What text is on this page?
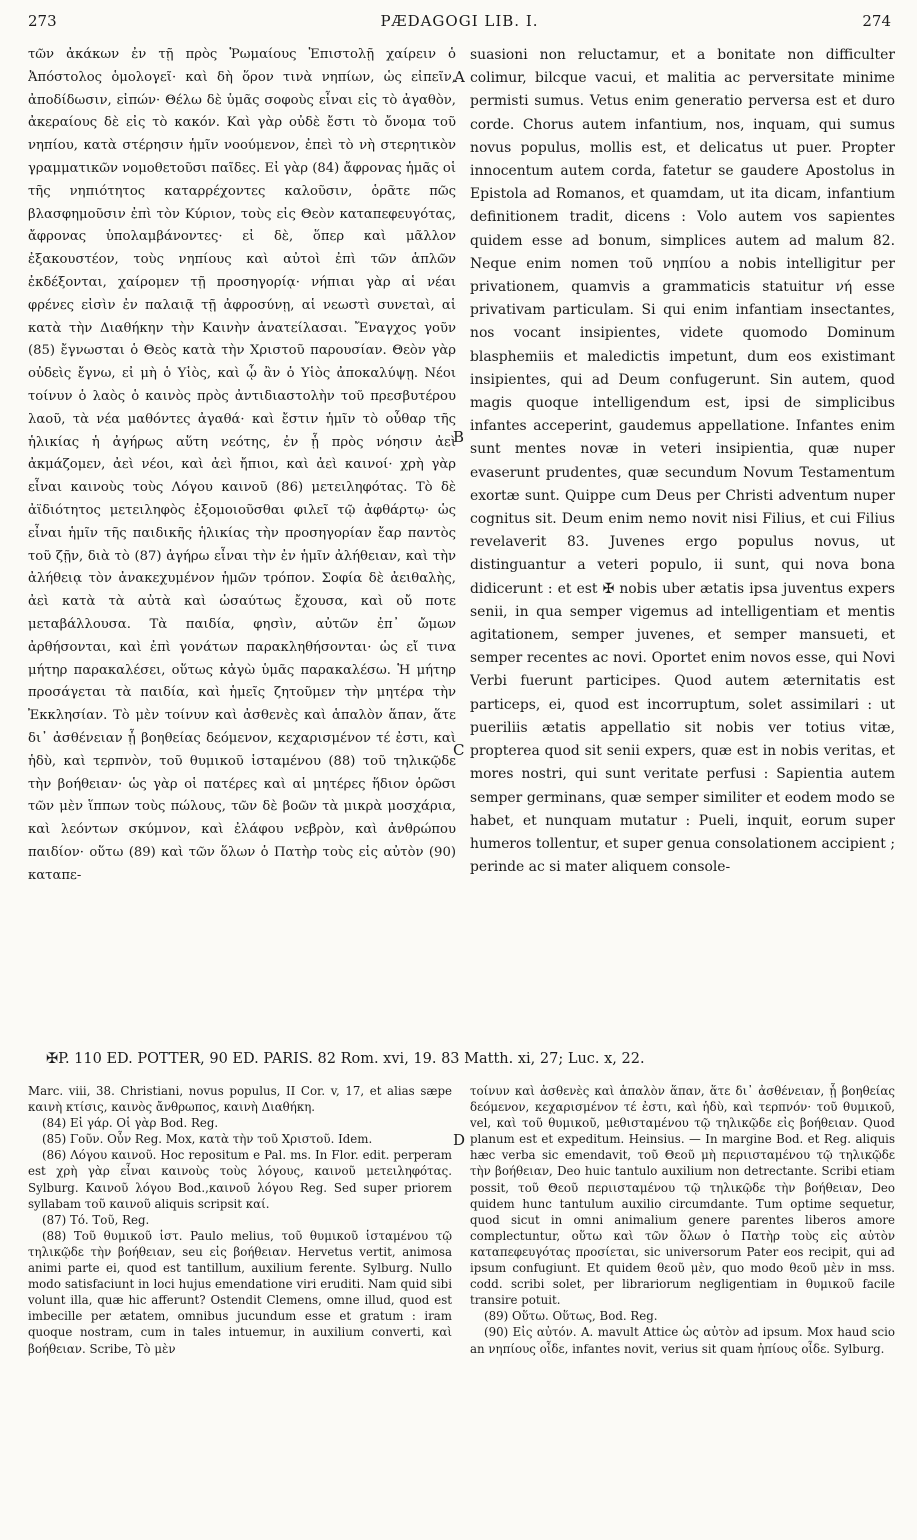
273	PÆDAGOGI LIB. I.	274

τῶν ἀκάκων ἐν τῇ πρὸς Ῥωμαίους Ἐπιστολῇ χαίρειν ὁ Ἀπόστολος ὁμολογεῖ· καὶ δὴ ὅρον τινὰ νηπίων, ὡς εἰπεῖν, ἀποδίδωσιν, εἰπών· Θέλω δὲ ὑμᾶς σοφοὺς εἶναι εἰς τὸ ἀγαθὸν, ἀκεραίους δὲ εἰς τὸ κακόν. Καὶ γὰρ οὐδὲ ἔστι τὸ ὄνομα τοῦ νηπίου, κατὰ στέρησιν ἡμῖν νοούμενον, ἐπεὶ τὸ νὴ στερητικὸν γραμματικῶν νομοθετοῦσι παῖδες. Εἰ γὰρ (84) ἄφρονας ἡμᾶς οἱ τῆς νηπιότητος καταρρέχοντες καλοῦσιν, ὁρᾶτε πῶς βλασφημοῦσιν ἐπὶ τὸν Κύριον, τοὺς εἰς Θεὸν καταπεφευγότας, ἄφρονας ὑπολαμβάνοντες· εἰ δὲ, ὅπερ καὶ μᾶλλον ἐξακουστέον, τοὺς νηπίους καὶ αὐτοὶ ἐπὶ τῶν ἁπλῶν ἐκδέξονται, χαίρομεν τῇ προσηγορίᾳ· νήπιαι γὰρ αἱ νέαι φρένες εἰσὶν ἐν παλαιᾷ τῇ ἀφροσύνῃ, αἱ νεωστὶ συνεταὶ, αἱ κατὰ τὴν Διαθήκην τὴν Καινὴν ἀνατείλασαι. Ἔναγχος γοῦν (85) ἔγνωσται ὁ Θεὸς κατὰ τὴν Χριστοῦ παρουσίαν. Θεὸν γὰρ οὐδεὶς ἔγνω, εἰ μὴ ὁ Υἱὸς, καὶ ᾧ ἂν ὁ Υἱὸς ἀποκαλύψῃ. Νέοι τοίνυν ὁ λαὸς ὁ καινὸς πρὸς ἀντιδιαστολὴν τοῦ πρεσβυτέρου λαοῦ, τὰ νέα μαθόντες ἀγαθά· καὶ ἔστιν ἡμῖν τὸ οὖθαρ τῆς ἡλικίας ἡ ἀγήρως αὕτη νεότης, ἐν ᾗ πρὸς νόησιν ἀεὶ ἀκμάζομεν, ἀεὶ νέοι, καὶ ἀεὶ ἤπιοι, καὶ ἀεὶ καινοί· χρὴ γὰρ εἶναι καινοὺς τοὺς Λόγου καινοῦ (86) μετειληφότας. Τὸ δὲ ἀϊδιότητος μετειληφὸς ἐξομοιοῦσθαι φιλεῖ τῷ ἀφθάρτῳ· ὡς εἶναι ἡμῖν τῆς παιδικῆς ἡλικίας τὴν προσηγορίαν ἔαρ παντὸς τοῦ ζῇν, διὰ τὸ (87) ἀγήρω εἶναι τὴν ἐν ἡμῖν ἀλήθειαν, καὶ τὴν ἀλήθειᾳ τὸν ἀνακεχυμένον ἡμῶν τρόπον. Σοφία δὲ ἀειθαλὴς, ἀεὶ κατὰ τὰ αὐτὰ καὶ ὡσαύτως ἔχουσα, καὶ οὔ ποτε μεταβάλλουσα. Τὰ παιδία, φησὶν, αὐτῶν ἐπ᾽ ὤμων ἀρθήσονται, καὶ ἐπὶ γονάτων παρακληθήσονται· ὡς εἴ τινα μήτηρ παρακαλέσει, οὕτως κἀγὼ ὑμᾶς παρακαλέσω. Ἡ μήτηρ προσάγεται τὰ παιδία, καὶ ἡμεῖς ζητοῦμεν τὴν μητέρα τὴν Ἐκκλησίαν. Τὸ μὲν τοίνυν καὶ ἀσθενὲς καὶ ἁπαλὸν ἅπαν, ἅτε δι᾽ ἀσθένειαν ᾗ βοηθείας δεόμενον, κεχαρισμένον τέ ἐστι, καὶ ἡδὺ, καὶ τερπνὸν, τοῦ θυμικοῦ ἱσταμένου (88) τοῦ τηλικῷδε τὴν βοήθειαν· ὡς γὰρ οἱ πατέρες καὶ αἱ μητέρες ἥδιον ὁρῶσι τῶν μὲν ἵππων τοὺς πώλους, τῶν δὲ βοῶν τὰ μικρὰ μοσχάρια, καὶ λεόντων σκύμνον, καὶ ἐλάφου νεβρὸν, καὶ ἀνθρώπου παιδίον· οὕτω (89) καὶ τῶν ὅλων ὁ Πατὴρ τοὺς εἰς αὐτὸν (90) καταπε-

suasioni non reluctamur, et a bonitate non difficulter colimur, bilcque vacui, et malitia ac perversitate minime permisti sumus. Vetus enim generatio perversa est et duro corde. Chorus autem infantium, nos, inquam, qui sumus novus populus, mollis est, et delicatus ut puer. Propter innocentum autem corda, fatetur se gaudere Apostolus in Epistola ad Romanos, et quamdam, ut ita dicam, infantium definitionem tradit, dicens : Volo autem vos sapientes quidem esse ad bonum, simplices autem ad malum 82. Neque enim nomen τοῦ νηπίου a nobis intelligitur per privationem, quamvis a grammaticis statuitur νή esse privativam particulam. Si qui enim infantiam insectantes, nos vocant insipientes, videte quomodo Dominum blasphemiis et maledictis impetunt, dum eos existimant insipientes, qui ad Deum confugerunt. Sin autem, quod magis quoque intelligendum est, ipsi de simplicibus infantes acceperint, gaudemus appellatione. Infantes enim sunt mentes novæ in veteri insipientia, quæ nuper evaserunt prudentes, quæ secundum Novum Testamentum exortæ sunt. Quippe cum Deus per Christi adventum nuper cognitus sit. Deum enim nemo novit nisi Filius, et cui Filius revelaverit 83. Juvenes ergo populus novus, ut distinguantur a veteri populo, ii sunt, qui nova bona didicerunt : et est ✠ nobis uber ætatis ipsa juventus expers senii, in qua semper vigemus ad intelligentiam et mentis agitationem, semper juvenes, et semper mansueti, et semper recentes ac novi. Oportet enim novos esse, qui Novi Verbi fuerunt participes. Quod autem æternitatis est particeps, ei, quod est incorruptum, solet assimilari : ut pueriliis ætatis appellatio sit nobis ver totius vitæ, propterea quod sit senii expers, quæ est in nobis veritas, et mores nostri, qui sunt veritate perfusi : Sapientia autem semper germinans, quæ semper similiter et eodem modo se habet, et nunquam mutatur : Pueli, inquit, eorum super humeros tollentur, et super genua consolationem accipient ; perinde ac si mater aliquem console-

A
B
C
D
✠P. 110 ED. POTTER, 90 ED. PARIS. 82 Rom. xvi, 19. 83 Matth. xi, 27; Luc. x, 22.

Marc. viii, 38. Christiani, novus populus, II Cor. v, 17, et alias sæpe καινὴ κτίσις, καινὸς ἄνθρωπος, καινὴ Διαθήκη.

(84) Εἰ γάρ. Οἱ γὰρ Bod. Reg.

(85) Γοῦν. Οὖν Reg. Mox, κατὰ τὴν τοῦ Χριστοῦ. Idem.

(86) Λόγου καινοῦ. Hoc repositum e Pal. ms. In Flor. edit. perperam est χρὴ γὰρ εἶναι καινοὺς τοὺς λόγους, καινοῦ μετειληφότας. Sylburg. Καινοῦ λόγου Bod.,καινοῦ λόγου Reg. Sed super priorem syllabam τοῦ καινοῦ aliquis scripsit καί.

(87) Τό. Τοῦ, Reg.

(88) Τοῦ θυμικοῦ ἱστ. Paulo melius, τοῦ θυμικοῦ ἱσταμένου τῷ τηλικῷδε τὴν βοήθειαν, seu εἰς βοήθειαν. Hervetus vertit, animosa animi parte ei, quod est tantillum, auxilium ferente. Sylburg. Nullo modo satisfaciunt in loci hujus emendatione viri eruditi. Nam quid sibi volunt illa, quæ hic afferunt? Ostendit Clemens, omne illud, quod est imbecille per ætatem, omnibus jucundum esse et gratum : iram quoque nostram, cum in tales intuemur, in auxilium converti, καὶ βοήθειαν. Scribe, Τὸ μὲν

τοίνυν καὶ ἀσθενὲς καὶ ἁπαλὸν ἅπαν, ἅτε δι᾽ ἀσθένειαν, ᾗ βοηθείας δεόμενον, κεχαρισμένον τέ ἐστι, καὶ ἡδὺ, καὶ τερπνόν· τοῦ θυμικοῦ, vel, καὶ τοῦ θυμικοῦ, μεθισταμένου τῷ τηλικῷδε εἰς βοήθειαν. Quod planum est et expeditum. Heinsius. — In margine Bod. et Reg. aliquis hæc verba sic emendavit, τοῦ Θεοῦ μὴ περιισταμένου τῷ τηλικῷδε τὴν βοήθειαν, Deo huic tantulo auxilium non detrectante. Scribi etiam possit, τοῦ Θεοῦ περιισταμένου τῷ τηλικῷδε τὴν βοήθειαν, Deo quidem hunc tantulum auxilio circumdante. Tum optime sequetur, quod sicut in omni animalium genere parentes liberos amore complectuntur, οὕτω καὶ τῶν ὅλων ὁ Πατὴρ τοὺς εἰς αὐτὸν καταπεφευγότας προσίεται, sic universorum Pater eos recipit, qui ad ipsum confugiunt. Et quidem θεοῦ μὲν, quo modo θεοῦ μὲν in mss. codd. scribi solet, per librariorum negligentiam in θυμικοῦ facile transire potuit.

(89) Οὕτω. Οὕτως, Bod. Reg.

(90) Εἰς αὐτόν. A. mavult Attice ὡς αὐτὸν ad ipsum. Mox haud scio an νηπίους οἶδε, infantes novit, verius sit quam ἠπίους οἶδε. Sylburg.
